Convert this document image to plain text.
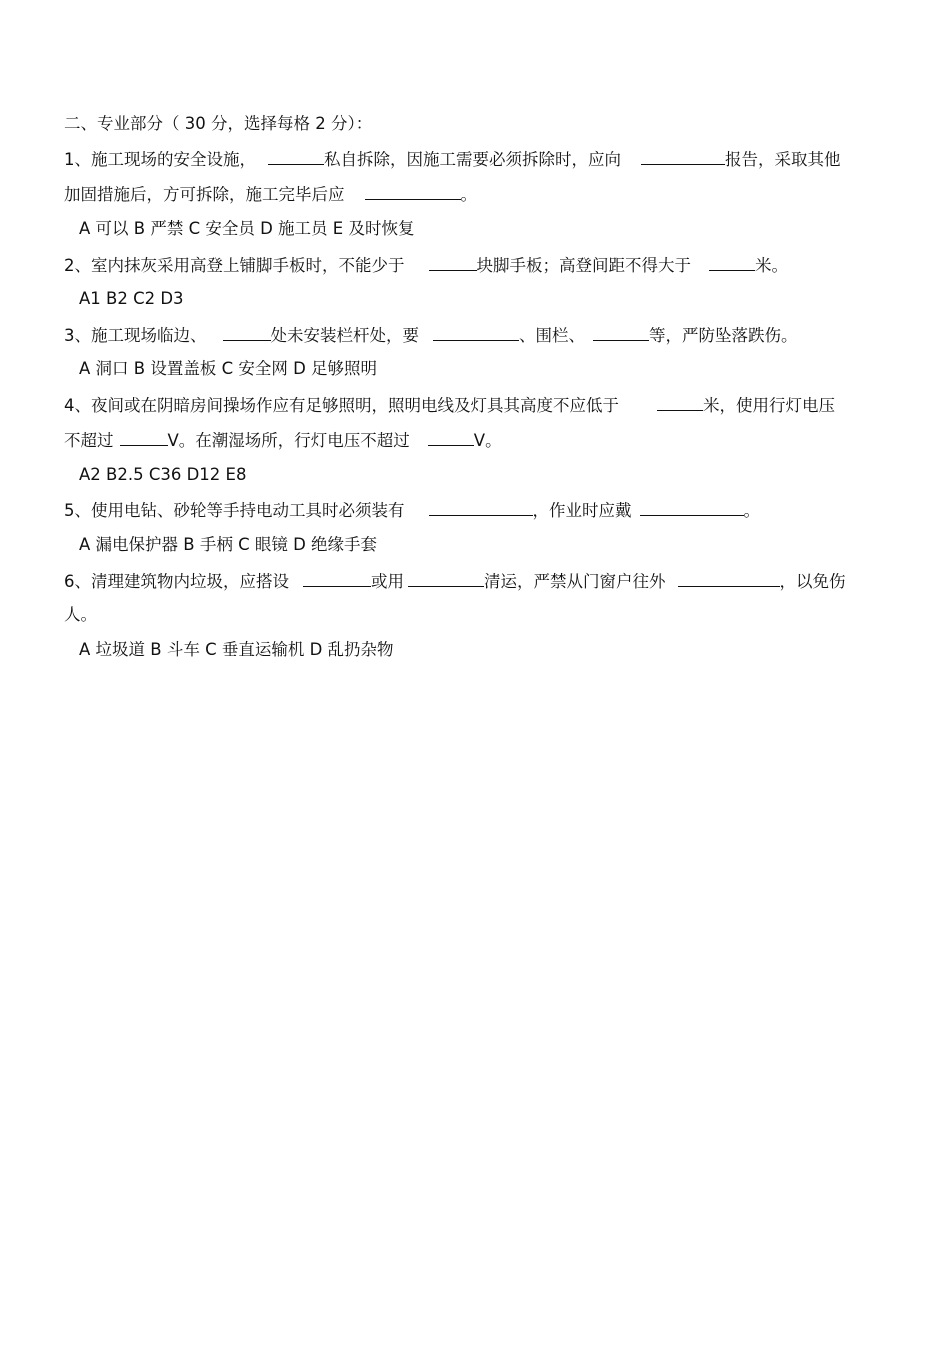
二、专业部分（ 30 分，选择每格 2 分）：
1、施工现场的安全设施，	私自拆除，因施工需要必须拆除时，应向	报告，采取其他
加固措施后，方可拆除，施工完毕后应	。
A 可以 B 严禁 C 安全员 D 施工员 E 及时恢复
2、室内抹灰采用高登上铺脚手板时，不能少于	块脚手板；高登间距不得大于	米。
A1 B2 C2 D3
3、施工现场临边、	处未安装栏杆处，要	、围栏、	等，严防坠落跌伤。
A 洞口 B 设置盖板 C 安全网 D 足够照明
4、夜间或在阴暗房间操场作应有足够照明，照明电线及灯具其高度不应低于	米，使用行灯电压
不超过	V。在潮湿场所，行灯电压不超过	V。
A2 B2.5 C36 D12 E8
5、使用电钻、砂轮等手持电动工具时必须装有	，作业时应戴	。
A 漏电保护器 B 手柄 C 眼镜 D 绝缘手套
6、清理建筑物内垃圾，应搭设	或用	清运，严禁从门窗户往外	，以免伤
人。
A 垃圾道 B 斗车 C 垂直运输机 D 乱扔杂物
